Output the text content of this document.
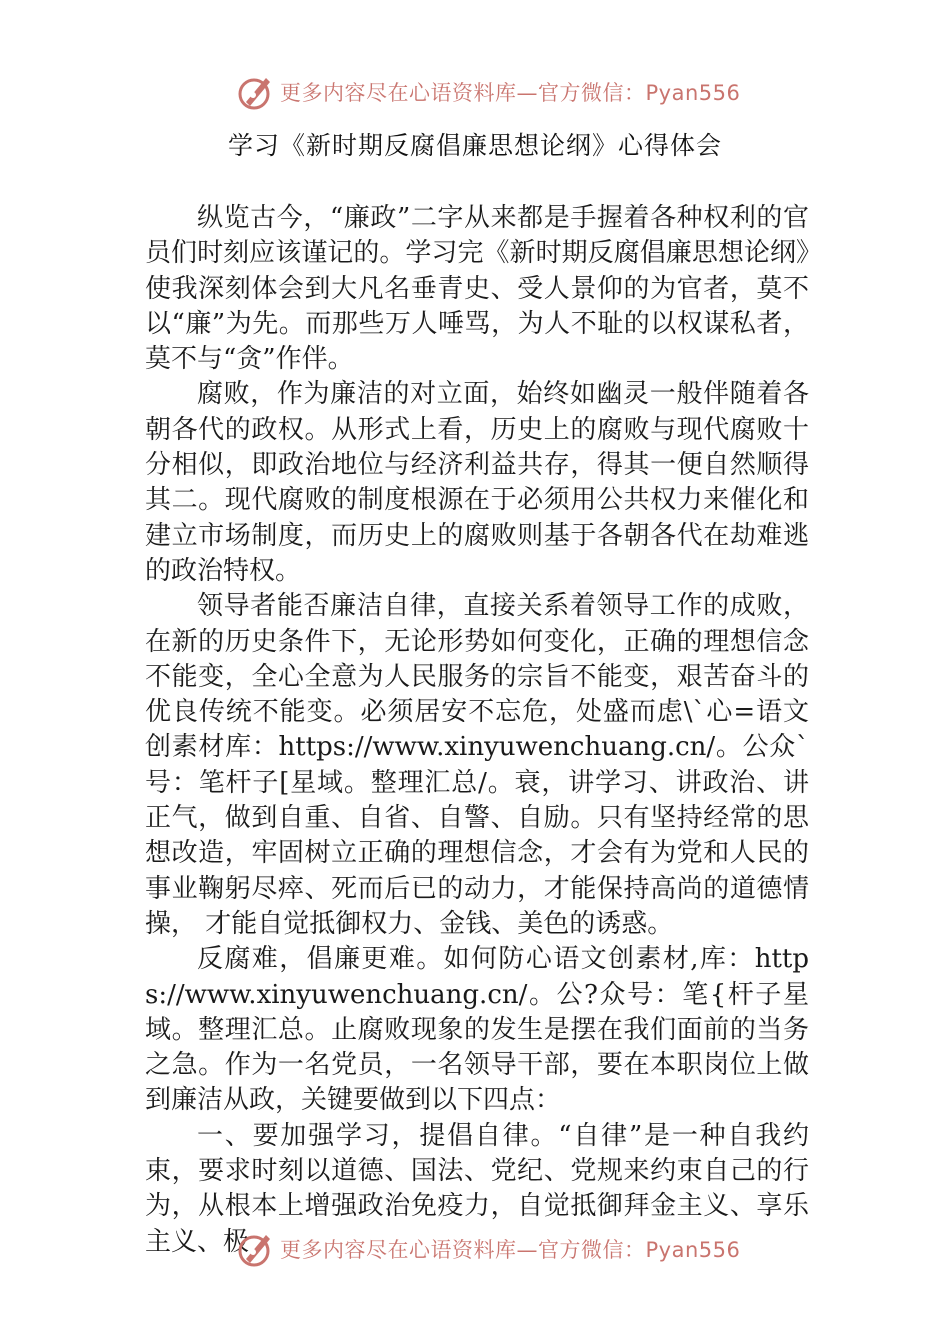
更多内容尽在心语资料库—官方微信：Pyan556
学习《新时期反腐倡廉思想论纲》心得体会

纵览古今，“廉政”二字从来都是手握着各种权利的官员们时刻应该谨记的。学习完《新时期反腐倡廉思想论纲》使我深刻体会到大凡名垂青史、受人景仰的为官者，莫不以“廉”为先。而那些万人唾骂，为人不耻的以权谋私者，莫不与“贪”作伴。

腐败，作为廉洁的对立面，始终如幽灵一般伴随着各朝各代的政权。从形式上看，历史上的腐败与现代腐败十分相似，即政治地位与经济利益共存，得其一便自然顺得其二。现代腐败的制度根源在于必须用公共权力来催化和建立市场制度，而历史上的腐败则基于各朝各代在劫难逃的政治特权。

领导者能否廉洁自律，直接关系着领导工作的成败，在新的历史条件下，无论形势如何变化，正确的理想信念不能变，全心全意为人民服务的宗旨不能变，艰苦奋斗的优良传统不能变。必须居安不忘危，处盛而虑\`心=语文创素材库：https://www.xinyuwenchuang.cn/。公众`号：笔杆子[星域。整理汇总/。衰，讲学习、讲政治、讲正气，做到自重、自省、自警、自励。只有坚持经常的思想改造，牢固树立正确的理想信念，才会有为党和人民的事业鞠躬尽瘁、死而后已的动力，才能保持高尚的道德情操， 才能自觉抵御权力、金钱、美色的诱惑。

反腐难，倡廉更难。如何防心语文创素材,库：https://www.xinyuwenchuang.cn/。公?众号：笔{杆子星域。整理汇总。止腐败现象的发生是摆在我们面前的当务之急。作为一名党员，一名领导干部，要在本职岗位上做到廉洁从政，关键要做到以下四点：

一、要加强学习，提倡自律。“自律”是一种自我约束，要求时刻以道德、国法、党纪、党规来约束自己的行为，从根本上增强政治免疫力，自觉抵御拜金主义、享乐主义、极	更多内容尽在心语资料库—官方微信：Pyan556
